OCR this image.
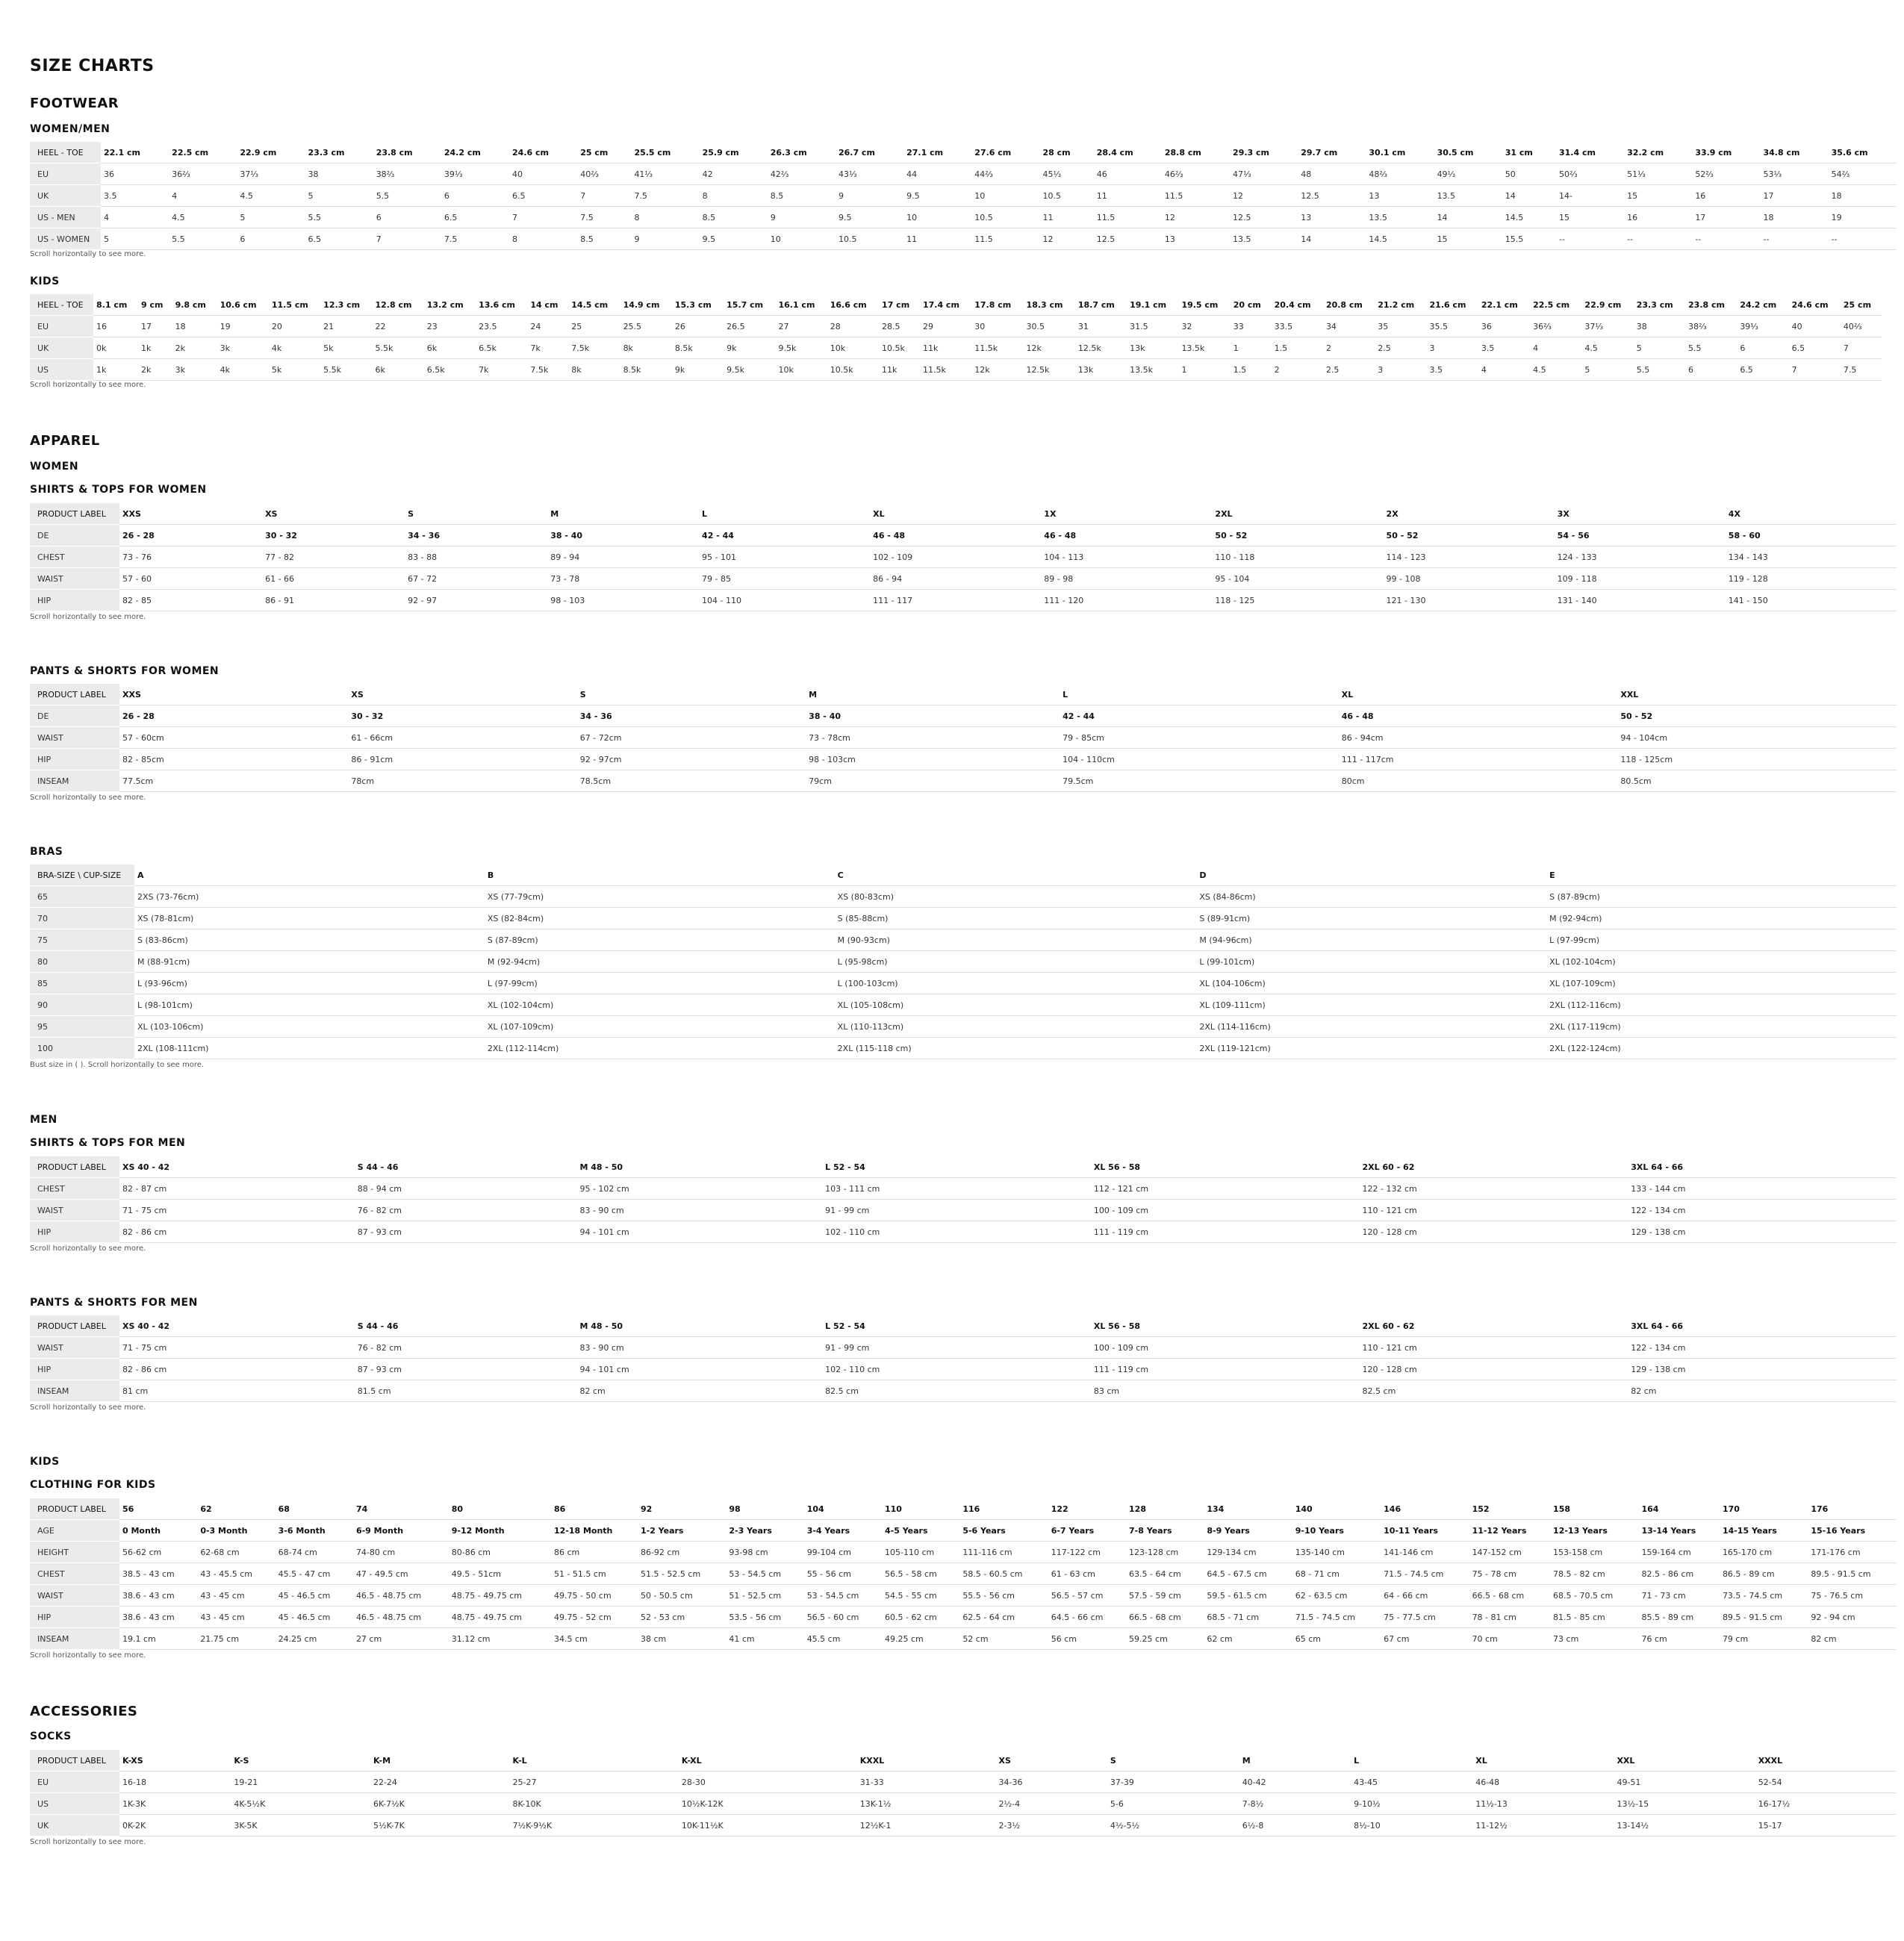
SIZE CHARTS
FOOTWEAR
WOMEN/MEN
HEEL - TOE	22.1 cm	22.5 cm	22.9 cm	23.3 cm	23.8 cm	24.2 cm	24.6 cm	25 cm	25.5 cm	25.9 cm	26.3 cm	26.7 cm	27.1 cm	27.6 cm	28 cm	28.4 cm	28.8 cm	29.3 cm	29.7 cm	30.1 cm	30.5 cm	31 cm	31.4 cm	32.2 cm	33.9 cm	34.8 cm	35.6 cm
EU	36	36⅔	37⅓	38	38⅔	39⅓	40	40⅔	41⅓	42	42⅔	43⅓	44	44⅔	45⅓	46	46⅔	47⅓	48	48⅔	49⅓	50	50⅔	51⅓	52⅔	53⅓	54⅔
UK	3.5	4	4.5	5	5.5	6	6.5	7	7.5	8	8.5	9	9.5	10	10.5	11	11.5	12	12.5	13	13.5	14	14-	15	16	17	18
US - MEN	4	4.5	5	5.5	6	6.5	7	7.5	8	8.5	9	9.5	10	10.5	11	11.5	12	12.5	13	13.5	14	14.5	15	16	17	18	19
US - WOMEN	5	5.5	6	6.5	7	7.5	8	8.5	9	9.5	10	10.5	11	11.5	12	12.5	13	13.5	14	14.5	15	15.5	--	--	--	--	--
Scroll horizontally to see more.
KIDS
HEEL - TOE	8.1 cm	9 cm	9.8 cm	10.6 cm	11.5 cm	12.3 cm	12.8 cm	13.2 cm	13.6 cm	14 cm	14.5 cm	14.9 cm	15.3 cm	15.7 cm	16.1 cm	16.6 cm	17 cm	17.4 cm	17.8 cm	18.3 cm	18.7 cm	19.1 cm	19.5 cm	20 cm	20.4 cm	20.8 cm	21.2 cm	21.6 cm	22.1 cm	22.5 cm	22.9 cm	23.3 cm	23.8 cm	24.2 cm	24.6 cm	25 cm
EU	16	17	18	19	20	21	22	23	23.5	24	25	25.5	26	26.5	27	28	28.5	29	30	30.5	31	31.5	32	33	33.5	34	35	35.5	36	36⅔	37⅓	38	38⅔	39⅓	40	40⅔
UK	0k	1k	2k	3k	4k	5k	5.5k	6k	6.5k	7k	7.5k	8k	8.5k	9k	9.5k	10k	10.5k	11k	11.5k	12k	12.5k	13k	13.5k	1	1.5	2	2.5	3	3.5	4	4.5	5	5.5	6	6.5	7
US	1k	2k	3k	4k	5k	5.5k	6k	6.5k	7k	7.5k	8k	8.5k	9k	9.5k	10k	10.5k	11k	11.5k	12k	12.5k	13k	13.5k	1	1.5	2	2.5	3	3.5	4	4.5	5	5.5	6	6.5	7	7.5
Scroll horizontally to see more.
APPAREL
WOMEN
SHIRTS & TOPS FOR WOMEN
PRODUCT LABEL	XXS	XS	S	M	L	XL	1X	2XL	2X	3X	4X
DE	26 - 28	30 - 32	34 - 36	38 - 40	42 - 44	46 - 48	46 - 48	50 - 52	50 - 52	54 - 56	58 - 60
CHEST	73 - 76	77 - 82	83 - 88	89 - 94	95 - 101	102 - 109	104 - 113	110 - 118	114 - 123	124 - 133	134 - 143
WAIST	57 - 60	61 - 66	67 - 72	73 - 78	79 - 85	86 - 94	89 - 98	95 - 104	99 - 108	109 - 118	119 - 128
HIP	82 - 85	86 - 91	92 - 97	98 - 103	104 - 110	111 - 117	111 - 120	118 - 125	121 - 130	131 - 140	141 - 150
Scroll horizontally to see more.
PANTS & SHORTS FOR WOMEN
PRODUCT LABEL	XXS	XS	S	M	L	XL	XXL
DE	26 - 28	30 - 32	34 - 36	38 - 40	42 - 44	46 - 48	50 - 52
WAIST	57 - 60cm	61 - 66cm	67 - 72cm	73 - 78cm	79 - 85cm	86 - 94cm	94 - 104cm
HIP	82 - 85cm	86 - 91cm	92 - 97cm	98 - 103cm	104 - 110cm	111 - 117cm	118 - 125cm
INSEAM	77.5cm	78cm	78.5cm	79cm	79.5cm	80cm	80.5cm
Scroll horizontally to see more.
BRAS
BRA-SIZE \ CUP-SIZE	A	B	C	D	E
65	2XS (73-76cm)	XS (77-79cm)	XS (80-83cm)	XS (84-86cm)	S (87-89cm)
70	XS (78-81cm)	XS (82-84cm)	S (85-88cm)	S (89-91cm)	M (92-94cm)
75	S (83-86cm)	S (87-89cm)	M (90-93cm)	M (94-96cm)	L (97-99cm)
80	M (88-91cm)	M (92-94cm)	L (95-98cm)	L (99-101cm)	XL (102-104cm)
85	L (93-96cm)	L (97-99cm)	L (100-103cm)	XL (104-106cm)	XL (107-109cm)
90	L (98-101cm)	XL (102-104cm)	XL (105-108cm)	XL (109-111cm)	2XL (112-116cm)
95	XL (103-106cm)	XL (107-109cm)	XL (110-113cm)	2XL (114-116cm)	2XL (117-119cm)
100	2XL (108-111cm)	2XL (112-114cm)	2XL (115-118 cm)	2XL (119-121cm)	2XL (122-124cm)
Bust size in ( ). Scroll horizontally to see more.
MEN
SHIRTS & TOPS FOR MEN
PRODUCT LABEL	XS 40 - 42	S 44 - 46	M 48 - 50	L 52 - 54	XL 56 - 58	2XL 60 - 62	3XL 64 - 66
CHEST	82 - 87 cm	88 - 94 cm	95 - 102 cm	103 - 111 cm	112 - 121 cm	122 - 132 cm	133 - 144 cm
WAIST	71 - 75 cm	76 - 82 cm	83 - 90 cm	91 - 99 cm	100 - 109 cm	110 - 121 cm	122 - 134 cm
HIP	82 - 86 cm	87 - 93 cm	94 - 101 cm	102 - 110 cm	111 - 119 cm	120 - 128 cm	129 - 138 cm
Scroll horizontally to see more.
PANTS & SHORTS FOR MEN
PRODUCT LABEL	XS 40 - 42	S 44 - 46	M 48 - 50	L 52 - 54	XL 56 - 58	2XL 60 - 62	3XL 64 - 66
WAIST	71 - 75 cm	76 - 82 cm	83 - 90 cm	91 - 99 cm	100 - 109 cm	110 - 121 cm	122 - 134 cm
HIP	82 - 86 cm	87 - 93 cm	94 - 101 cm	102 - 110 cm	111 - 119 cm	120 - 128 cm	129 - 138 cm
INSEAM	81 cm	81.5 cm	82 cm	82.5 cm	83 cm	82.5 cm	82 cm
Scroll horizontally to see more.
KIDS
CLOTHING FOR KIDS
PRODUCT LABEL	56	62	68	74	80	86	92	98	104	110	116	122	128	134	140	146	152	158	164	170	176
AGE	0 Month	0-3 Month	3-6 Month	6-9 Month	9-12 Month	12-18 Month	1-2 Years	2-3 Years	3-4 Years	4-5 Years	5-6 Years	6-7 Years	7-8 Years	8-9 Years	9-10 Years	10-11 Years	11-12 Years	12-13 Years	13-14 Years	14-15 Years	15-16 Years
HEIGHT	56-62 cm	62-68 cm	68-74 cm	74-80 cm	80-86 cm	86 cm	86-92 cm	93-98 cm	99-104 cm	105-110 cm	111-116 cm	117-122 cm	123-128 cm	129-134 cm	135-140 cm	141-146 cm	147-152 cm	153-158 cm	159-164 cm	165-170 cm	171-176 cm
CHEST	38.5 - 43 cm	43 - 45.5 cm	45.5 - 47 cm	47 - 49.5 cm	49.5 - 51cm	51 - 51.5 cm	51.5 - 52.5 cm	53 - 54.5 cm	55 - 56 cm	56.5 - 58 cm	58.5 - 60.5 cm	61 - 63 cm	63.5 - 64 cm	64.5 - 67.5 cm	68 - 71 cm	71.5 - 74.5 cm	75 - 78 cm	78.5 - 82 cm	82.5 - 86 cm	86.5 - 89 cm	89.5 - 91.5 cm
WAIST	38.6 - 43 cm	43 - 45 cm	45 - 46.5 cm	46.5 - 48.75 cm	48.75 - 49.75 cm	49.75 - 50 cm	50 - 50.5 cm	51 - 52.5 cm	53 - 54.5 cm	54.5 - 55 cm	55.5 - 56 cm	56.5 - 57 cm	57.5 - 59 cm	59.5 - 61.5 cm	62 - 63.5 cm	64 - 66 cm	66.5 - 68 cm	68.5 - 70.5 cm	71 - 73 cm	73.5 - 74.5 cm	75 - 76.5 cm
HIP	38.6 - 43 cm	43 - 45 cm	45 - 46.5 cm	46.5 - 48.75 cm	48.75 - 49.75 cm	49.75 - 52 cm	52 - 53 cm	53.5 - 56 cm	56.5 - 60 cm	60.5 - 62 cm	62.5 - 64 cm	64.5 - 66 cm	66.5 - 68 cm	68.5 - 71 cm	71.5 - 74.5 cm	75 - 77.5 cm	78 - 81 cm	81.5 - 85 cm	85.5 - 89 cm	89.5 - 91.5 cm	92 - 94 cm
INSEAM	19.1 cm	21.75 cm	24.25 cm	27 cm	31.12 cm	34.5 cm	38 cm	41 cm	45.5 cm	49.25 cm	52 cm	56 cm	59.25 cm	62 cm	65 cm	67 cm	70 cm	73 cm	76 cm	79 cm	82 cm
Scroll horizontally to see more.
ACCESSORIES
SOCKS
PRODUCT LABEL	K-XS	K-S	K-M	K-L	K-XL	KXXL	XS	S	M	L	XL	XXL	XXXL
EU	16-18	19-21	22-24	25-27	28-30	31-33	34-36	37-39	40-42	43-45	46-48	49-51	52-54
US	1K-3K	4K-5½K	6K-7½K	8K-10K	10½K-12K	13K-1½	2½-4	5-6	7-8½	9-10½	11½-13	13½-15	16-17½
UK	0K-2K	3K-5K	5½K-7K	7½K-9½K	10K-11½K	12½K-1	2-3½	4½-5½	6½-8	8½-10	11-12½	13-14½	15-17
Scroll horizontally to see more.
